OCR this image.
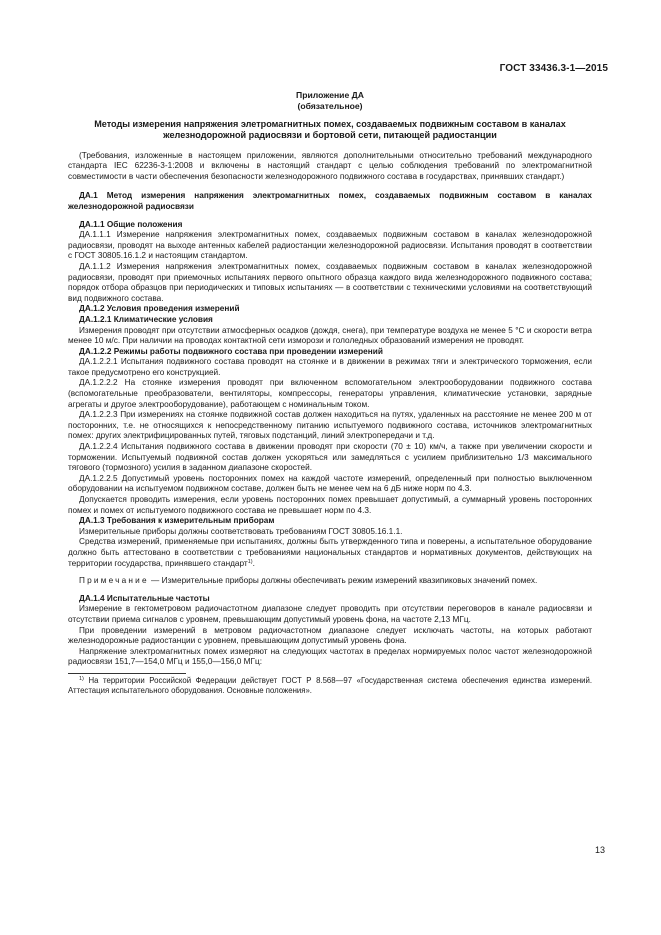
ГОСТ 33436.3-1—2015
Приложение ДА
(обязательное)
Методы измерения напряжения элетромагнитных помех, создаваемых подвижным составом в каналах железнодорожной радиосвязи и бортовой сети, питающей радиостанции

(Требования, изложенные в настоящем приложении, являются дополнительными относительно требований международного стандарта IEC 62236-3-1:2008 и включены в настоящий стандарт с целью соблюдения требований по электромагнитной совместимости в части обеспечения безопасности железнодорожного подвижного состава в государствах, принявших стандарт.)

ДА.1 Метод измерения напряжения электромагнитных помех, создаваемых подвижным составом в каналах железнодорожной радиосвязи

ДА.1.1 Общие положения

ДА.1.1.1 Измерение напряжения электромагнитных помех, создаваемых подвижным составом в каналах железнодорожной радиосвязи, проводят на выходе антенных кабелей радиостанции железнодорожной радиосвязи. Испытания проводят в соответствии с ГОСТ 30805.16.1.2 и настоящим стандартом.

ДА.1.1.2 Измерения напряжения электромагнитных помех, создаваемых подвижным составом в каналах железнодорожной радиосвязи, проводят при приемочных испытаниях первого опытного образца каждого вида железнодорожного подвижного состава; порядок отбора образцов при периодических и типовых испытаниях — в соответствии с техническими условиями на соответствующий вид подвижного состава.

ДА.1.2 Условия проведения измерений

ДА.1.2.1 Климатические условия

Измерения проводят при отсутствии атмосферных осадков (дождя, снега), при температуре воздуха не менее 5 °С и скорости ветра менее 10 м/с. При наличии на проводах контактной сети изморози и гололедных образований измерения не проводят.

ДА.1.2.2 Режимы работы подвижного состава при проведении измерений

ДА.1.2.2.1 Испытания подвижного состава проводят на стоянке и в движении в режимах тяги и электрического торможения, если такое предусмотрено его конструкцией.

ДА.1.2.2.2 На стоянке измерения проводят при включенном вспомогательном электрооборудовании подвижного состава (вспомогательные преобразователи, вентиляторы, компрессоры, генераторы управления, климатические установки, зарядные агрегаты и другое электрооборудование), работающем с номинальным током.

ДА.1.2.2.3 При измерениях на стоянке подвижной состав должен находиться на путях, удаленных на расстояние не менее 200 м от посторонних, т.е. не относящихся к непосредственному питанию испытуемого подвижного состава, источников электромагнитных помех: других электрифицированных путей, тяговых подстанций, линий электропередачи и т.д.

ДА.1.2.2.4 Испытания подвижного состава в движении проводят при скорости (70 ± 10) км/ч, а также при увеличении скорости и торможении. Испытуемый подвижной состав должен ускоряться или замедляться с усилием приблизительно 1/3 максимального тягового (тормозного) усилия в заданном диапазоне скоростей.

ДА.1.2.2.5 Допустимый уровень посторонних помех на каждой частоте измерений, определенный при полностью выключенном оборудовании на испытуемом подвижном составе, должен быть не менее чем на 6 дБ ниже норм по 4.3.

Допускается проводить измерения, если уровень посторонних помех превышает допустимый, а суммарный уровень посторонних помех и помех от испытуемого подвижного состава не превышает норм по 4.3.

ДА.1.3 Требования к измерительным приборам

Измерительные приборы должны соответствовать требованиям ГОСТ 30805.16.1.1.

Средства измерений, применяемые при испытаниях, должны быть утвержденного типа и поверены, а испытательное оборудование должно быть аттестовано в соответствии с требованиями национальных стандартов и нормативных документов, действующих на территории государства, принявшего стандарт$^{1)}$.

Примечание — Измерительные приборы должны обеспечивать режим измерений квазипиковых значений помех.

ДА.1.4 Испытательные частоты

Измерение в гектометровом радиочастотном диапазоне следует проводить при отсутствии переговоров в канале радиосвязи и отсутствии приема сигналов с уровнем, превышающим допустимый уровень фона, на частоте 2,13 МГц.

При проведении измерений в метровом радиочастотном диапазоне следует исключать частоты, на которых работают железнодорожные радиостанции с уровнем, превышающим допустимый уровень фона.

Напряжение электромагнитных помех измеряют на следующих частотах в пределах нормируемых полос частот железнодорожной радиосвязи 151,7—154,0 МГц и 155,0—156,0 МГц:

$^{1)}$ На территории Российской Федерации действует ГОСТ Р 8.568—97 «Государственная система обеспечения единства измерений. Аттестация испытательного оборудования. Основные положения».

13
